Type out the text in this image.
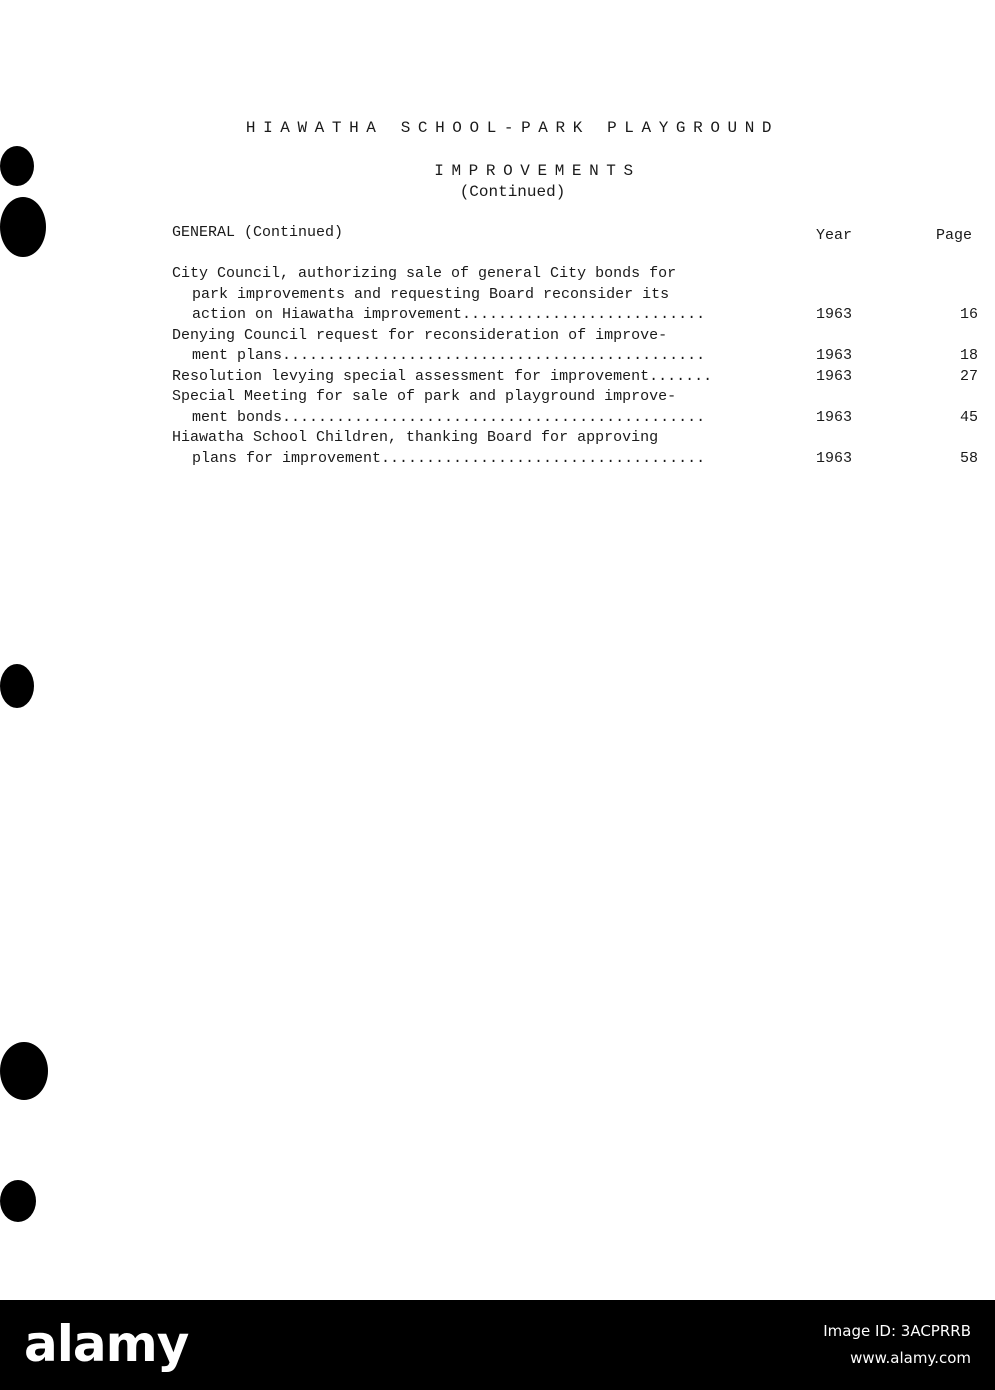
HIAWATHA SCHOOL-PARK PLAYGROUND
IMPROVEMENTS
(Continued)
GENERAL (Continued)	Year	Page
City Council, authorizing sale of general City bonds for
park improvements and requesting Board reconsider its
action on Hiawatha improvement...........................	1963	16
Denying Council request for reconsideration of improve-
ment plans...............................................	1963	18
Resolution levying special assessment for improvement.......	1963	27
Special Meeting for sale of park and playground improve-
ment bonds...............................................	1963	45
Hiawatha School Children, thanking Board for approving
plans for improvement....................................	1963	58
alamy	Image ID: 3ACPRRB
www.alamy.com
